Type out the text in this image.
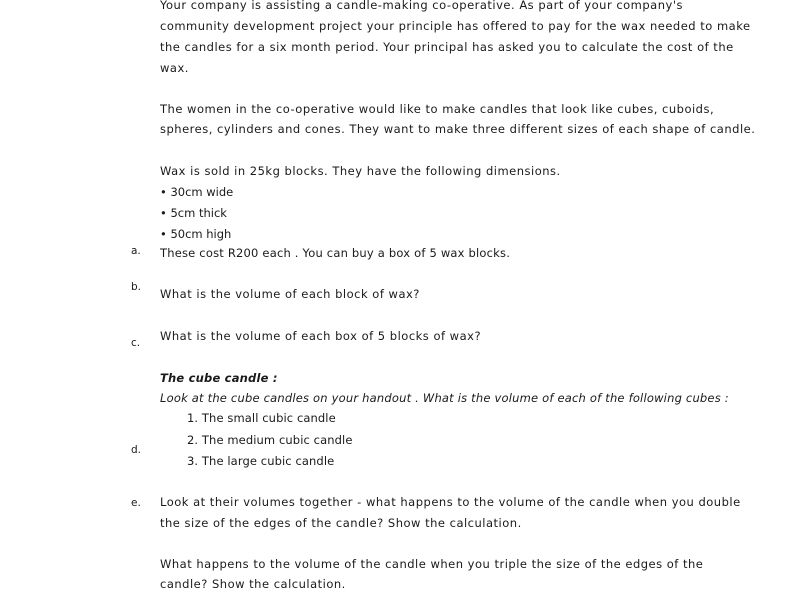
Your company is assisting a candle-making co-operative. As part of your company's
community development project your principle has offered to pay for the wax needed to make
the candles for a six month period. Your principal has asked you to calculate the cost of the
wax.
The women in the co-operative would like to make candles that look like cubes, cuboids,
spheres, cylinders and cones. They want to make three different sizes of each shape of candle.
Wax is sold in 25kg blocks. They have the following dimensions.
• 30cm wide
• 5cm thick
• 50cm high
a. These cost R200 each . You can buy a box of 5 wax blocks.
b. What is the volume of each block of wax?
c. What is the volume of each box of 5 blocks of wax?
The cube candle :
Look at the cube candles on your handout . What is the volume of each of the following cubes :
1. The small cubic candle
2. The medium cubic candle
d.
3. The large cubic candle
e. Look at their volumes together - what happens to the volume of the candle when you double
the size of the edges of the candle? Show the calculation.
What happens to the volume of the candle when you triple the size of the edges of the
candle? Show the calculation.
